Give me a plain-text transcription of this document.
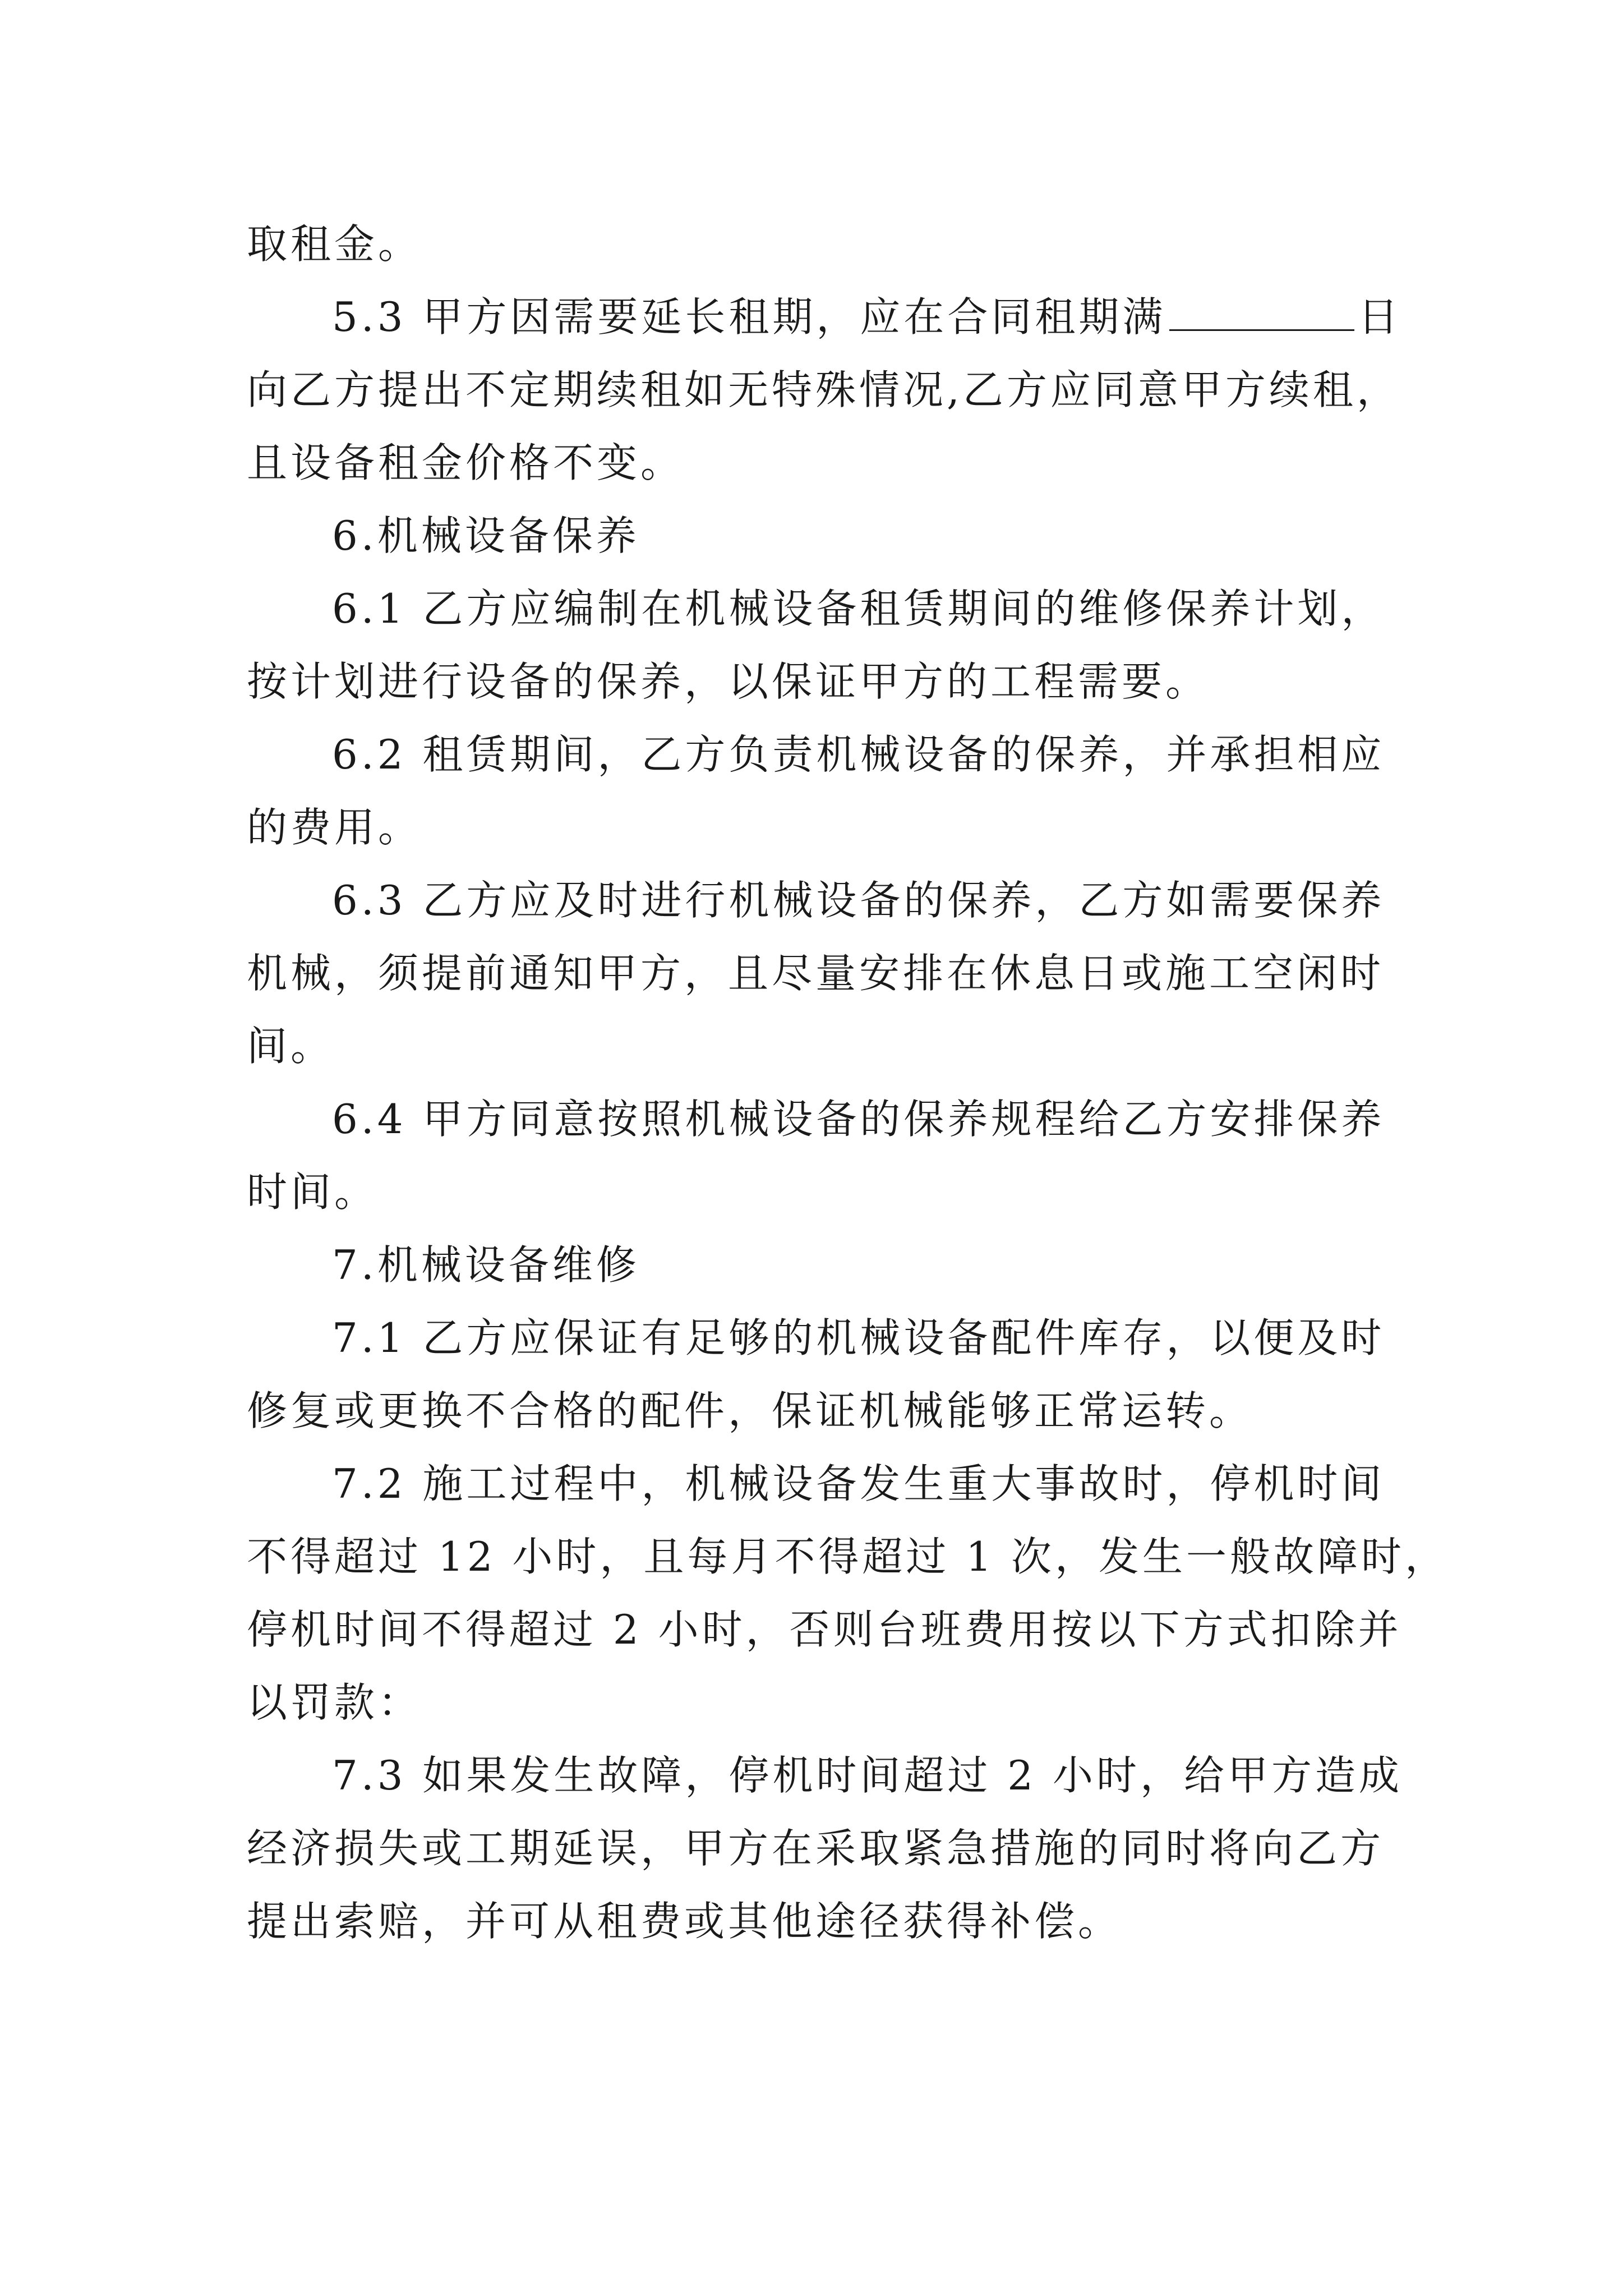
取租金。
5.3 甲方因需要延长租期，应在合同租期满	日
向乙方提出不定期续租如无特殊情况,乙方应同意甲方续租，
且设备租金价格不变。
6.机械设备保养
6.1 乙方应编制在机械设备租赁期间的维修保养计划，
按计划进行设备的保养，以保证甲方的工程需要。
6.2 租赁期间，乙方负责机械设备的保养，并承担相应
的费用。
6.3 乙方应及时进行机械设备的保养，乙方如需要保养
机械，须提前通知甲方，且尽量安排在休息日或施工空闲时
间。
6.4 甲方同意按照机械设备的保养规程给乙方安排保养
时间。
7.机械设备维修
7.1 乙方应保证有足够的机械设备配件库存，以便及时
修复或更换不合格的配件，保证机械能够正常运转。
7.2 施工过程中，机械设备发生重大事故时，停机时间
不得超过 12 小时，且每月不得超过 1 次，发生一般故障时，
停机时间不得超过 2 小时，否则台班费用按以下方式扣除并
以罚款：
7.3 如果发生故障，停机时间超过 2 小时，给甲方造成
经济损失或工期延误，甲方在采取紧急措施的同时将向乙方
提出索赔，并可从租费或其他途径获得补偿。
